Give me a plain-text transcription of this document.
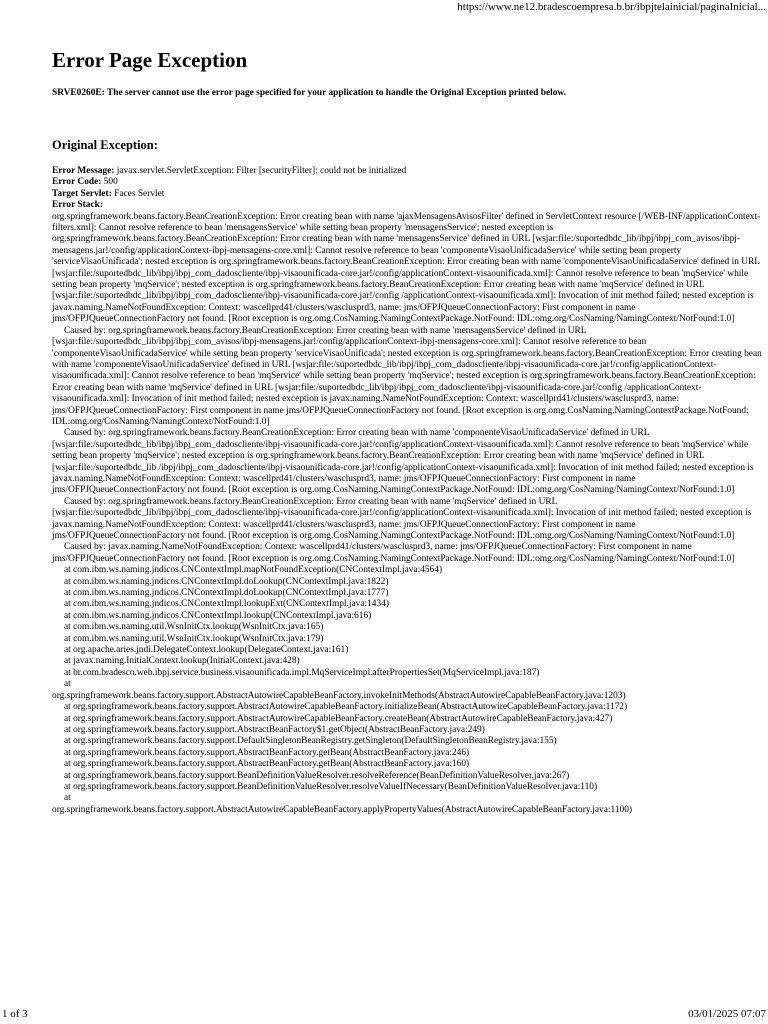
https://www.ne12.bradescoempresa.b.br/ibpjtelainicial/paginaInicial...
Error Page Exception
SRVE0260E: The server cannot use the error page specified for your application to handle the Original Exception printed below.
Original Exception:
Error Message: javax.servlet.ServletException: Filter [securityFilter]: could not be initialized
Error Code: 500
Target Servlet: Faces Servlet
Error Stack:
org.springframework.beans.factory.BeanCreationException: Error creating bean with name 'ajaxMensagensAvisosFilter' defined in ServletContext resource [/WEB-INF/applicationContext-filters.xml]: Cannot resolve reference to bean 'mensagensService' while setting bean property 'mensagensService'; nested exception is org.springframework.beans.factory.BeanCreationException: Error creating bean with name 'mensagensService' defined in URL [wsjar:file:/suportedbdc_lib/ibpj/ibpj_com_avisos/ibpj-mensagens.jar!/config/applicationContext-ibpj-mensagens-core.xml]: Cannot resolve reference to bean 'componenteVisaoUnificadaService' while setting bean property 'serviceVisaoUnificada'; nested exception is org.springframework.beans.factory.BeanCreationException: Error creating bean with name 'componenteVisaoUnificadaService' defined in URL [wsjar:file:/suportedbdc_lib/ibpj/ibpj_com_dadoscliente/ibpj-visaounificada-core.jar!/config/applicationContext-visaounificada.xml]: Cannot resolve reference to bean 'mqService' while setting bean property 'mqService'; nested exception is org.springframework.beans.factory.BeanCreationException: Error creating bean with name 'mqService' defined in URL [wsjar:file:/suportedbdc_lib/ibpj/ibpj_com_dadoscliente/ibpj-visaounificada-core.jar!/config /applicationContext-visaounificada.xml]: Invocation of init method failed; nested exception is javax.naming.NameNotFoundException: Context: wascellprd41/clusters/wasclusprd3, name: jms/OFPJQueueConnectionFactory: First component in name jms/OFPJQueueConnectionFactory not found. [Root exception is org.omg.CosNaming.NamingContextPackage.NotFound: IDL:omg.org/CosNaming/NamingContext/NotFound:1.0]
Caused by: org.springframework.beans.factory.BeanCreationException: Error creating bean with name 'mensagensService' defined in URL [wsjar:file:/suportedbdc_lib/ibpj/ibpj_com_avisos/ibpj-mensagens.jar!/config/applicationContext-ibpj-mensagens-core.xml]: Cannot resolve reference to bean 'componenteVisaoUnificadaService' while setting bean property 'serviceVisaoUnificada'; nested exception is org.springframework.beans.factory.BeanCreationException: Error creating bean with name 'componenteVisaoUnificadaService' defined in URL [wsjar:file:/suportedbdc_lib/ibpj/ibpj_com_dadoscliente/ibpj-visaounificada-core.jar!/config/applicationContext-visaounificada.xml]: Cannot resolve reference to bean 'mqService' while setting bean property 'mqService'; nested exception is org.springframework.beans.factory.BeanCreationException: Error creating bean with name 'mqService' defined in URL [wsjar:file:/suportedbdc_lib/ibpj/ibpj_com_dadoscliente/ibpj-visaounificada-core.jar!/config /applicationContext-visaounificada.xml]: Invocation of init method failed; nested exception is javax.naming.NameNotFoundException: Context: wascellprd41/clusters/wasclusprd3, name: jms/OFPJQueueConnectionFactory: First component in name jms/OFPJQueueConnectionFactory not found. [Root exception is org.omg.CosNaming.NamingContextPackage.NotFound: IDL:omg.org/CosNaming/NamingContext/NotFound:1.0]
Caused by: org.springframework.beans.factory.BeanCreationException: Error creating bean with name 'componenteVisaoUnificadaService' defined in URL [wsjar:file:/suportedbdc_lib/ibpj/ibpj_com_dadoscliente/ibpj-visaounificada-core.jar!/config/applicationContext-visaounificada.xml]: Cannot resolve reference to bean 'mqService' while setting bean property 'mqService'; nested exception is org.springframework.beans.factory.BeanCreationException: Error creating bean with name 'mqService' defined in URL [wsjar:file:/suportedbdc_lib /ibpj/ibpj_com_dadoscliente/ibpj-visaounificada-core.jar!/config/applicationContext-visaounificada.xml]: Invocation of init method failed; nested exception is javax.naming.NameNotFoundException: Context: wascellprd41/clusters/wasclusprd3, name: jms/OFPJQueueConnectionFactory: First component in name jms/OFPJQueueConnectionFactory not found. [Root exception is org.omg.CosNaming.NamingContextPackage.NotFound: IDL:omg.org/CosNaming/NamingContext/NotFound:1.0]
Caused by: org.springframework.beans.factory.BeanCreationException: Error creating bean with name 'mqService' defined in URL [wsjar:file:/suportedbdc_lib/ibpj/ibpj_com_dadoscliente/ibpj-visaounificada-core.jar!/config/applicationContext-visaounificada.xml]: Invocation of init method failed; nested exception is javax.naming.NameNotFoundException: Context: wascellprd41/clusters/wasclusprd3, name: jms/OFPJQueueConnectionFactory: First component in name jms/OFPJQueueConnectionFactory not found. [Root exception is org.omg.CosNaming.NamingContextPackage.NotFound: IDL:omg.org/CosNaming/NamingContext/NotFound:1.0]
Caused by: javax.naming.NameNotFoundException: Context: wascellprd41/clusters/wasclusprd3, name: jms/OFPJQueueConnectionFactory: First component in name jms/OFPJQueueConnectionFactory not found. [Root exception is org.omg.CosNaming.NamingContextPackage.NotFound: IDL:omg.org/CosNaming/NamingContext/NotFound:1.0]
at com.ibm.ws.naming.jndicos.CNContextImpl.mapNotFoundException(CNContextImpl.java:4564)
at com.ibm.ws.naming.jndicos.CNContextImpl.doLookup(CNContextImpl.java:1822)
at com.ibm.ws.naming.jndicos.CNContextImpl.doLookup(CNContextImpl.java:1777)
at com.ibm.ws.naming.jndicos.CNContextImpl.lookupExt(CNContextImpl.java:1434)
at com.ibm.ws.naming.jndicos.CNContextImpl.lookup(CNContextImpl.java:616)
at com.ibm.ws.naming.util.WsnInitCtx.lookup(WsnInitCtx.java:165)
at com.ibm.ws.naming.util.WsnInitCtx.lookup(WsnInitCtx.java:179)
at org.apache.aries.jndi.DelegateContext.lookup(DelegateContext.java:161)
at javax.naming.InitialContext.lookup(InitialContext.java:428)
at br.com.bradesco.web.ibpj.service.business.visaounificada.impl.MqServiceImpl.afterPropertiesSet(MqServiceImpl.java:187)
at
org.springframework.beans.factory.support.AbstractAutowireCapableBeanFactory.invokeInitMethods(AbstractAutowireCapableBeanFactory.java:1203)
at org.springframework.beans.factory.support.AbstractAutowireCapableBeanFactory.initializeBean(AbstractAutowireCapableBeanFactory.java:1172)
at org.springframework.beans.factory.support.AbstractAutowireCapableBeanFactory.createBean(AbstractAutowireCapableBeanFactory.java:427)
at org.springframework.beans.factory.support.AbstractBeanFactory$1.getObject(AbstractBeanFactory.java:249)
at org.springframework.beans.factory.support.DefaultSingletonBeanRegistry.getSingleton(DefaultSingletonBeanRegistry.java:155)
at org.springframework.beans.factory.support.AbstractBeanFactory.getBean(AbstractBeanFactory.java:246)
at org.springframework.beans.factory.support.AbstractBeanFactory.getBean(AbstractBeanFactory.java:160)
at org.springframework.beans.factory.support.BeanDefinitionValueResolver.resolveReference(BeanDefinitionValueResolver.java:267)
at org.springframework.beans.factory.support.BeanDefinitionValueResolver.resolveValueIfNecessary(BeanDefinitionValueResolver.java:110)
at
org.springframework.beans.factory.support.AbstractAutowireCapableBeanFactory.applyPropertyValues(AbstractAutowireCapableBeanFactory.java:1100)
1 of 3	03/01/2025 07:07
